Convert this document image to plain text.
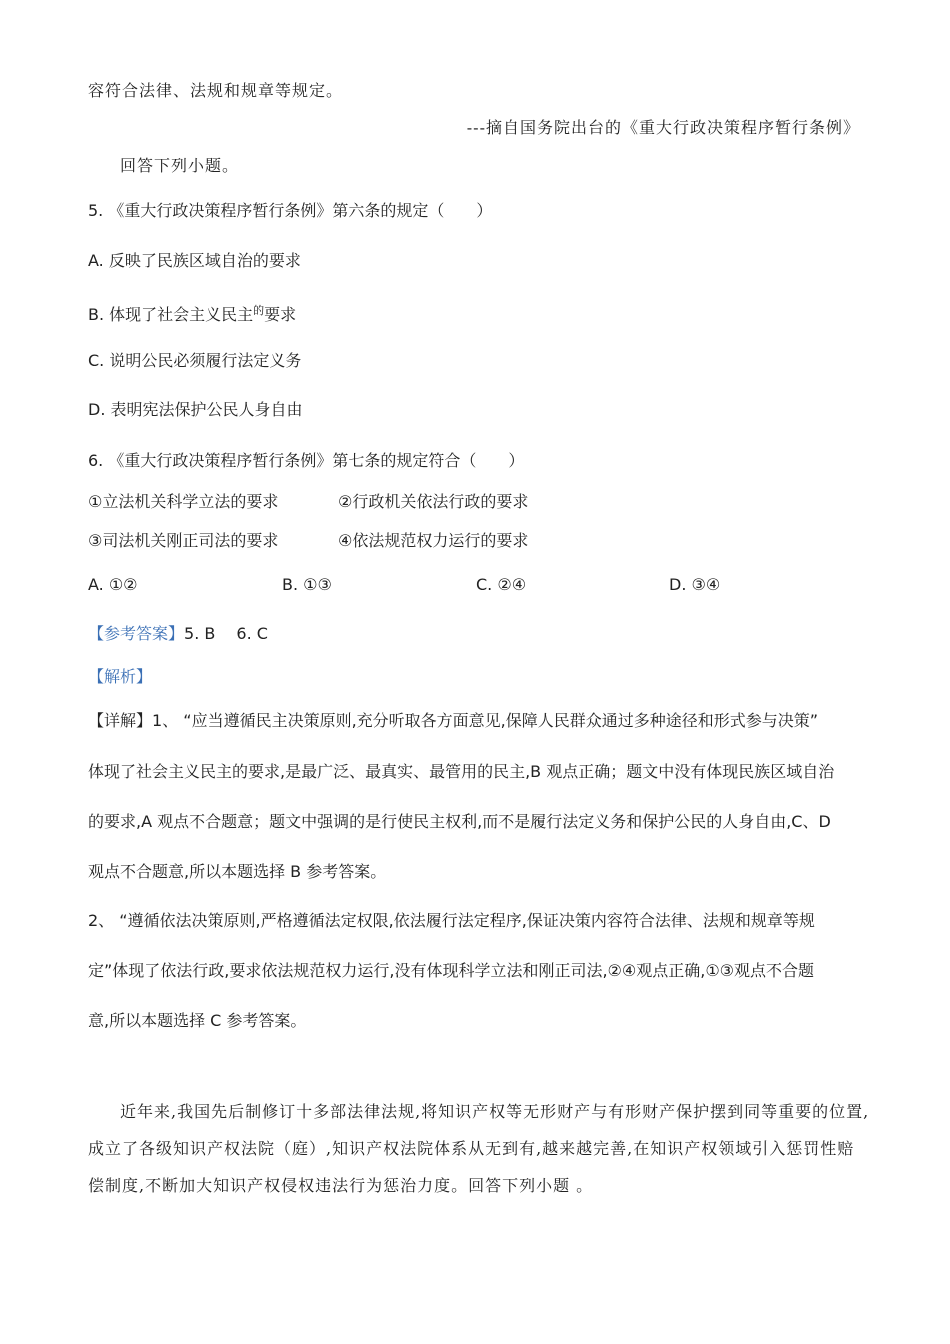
容符合法律、法规和规章等规定。
---摘自国务院出台的《重大行政决策程序暂行条例》
回答下列小题。
5. 《重大行政决策程序暂行条例》第六条的规定（　　）
A. 反映了民族区域自治的要求
B. 体现了社会主义民主$^的$要求
C. 说明公民必须履行法定义务
D. 表明宪法保护公民人身自由
6. 《重大行政决策程序暂行条例》第七条的规定符合（　　）
①立法机关科学立法的要求	②行政机关依法行政的要求
③司法机关刚正司法的要求	④依法规范权力运行的要求
A. ①②	B. ①③	C. ②④	D. ③④
【参考答案】5. B　 6. C
【解析】
【详解】1、 “应当遵循民主决策原则,充分听取各方面意见,保障人民群众通过多种途径和形式参与决策”
体现了社会主义民主的要求,是最广泛、最真实、最管用的民主,B 观点正确；题文中没有体现民族区域自治
的要求,A 观点不合题意；题文中强调的是行使民主权利,而不是履行法定义务和保护公民的人身自由,C、D
观点不合题意,所以本题选择 B 参考答案。
2、 “遵循依法决策原则,严格遵循法定权限,依法履行法定程序,保证决策内容符合法律、法规和规章等规
定”体现了依法行政,要求依法规范权力运行,没有体现科学立法和刚正司法,②④观点正确,①③观点不合题
意,所以本题选择 C 参考答案。
近年来,我国先后制修订十多部法律法规,将知识产权等无形财产与有形财产保护摆到同等重要的位置,
成立了各级知识产权法院（庭）,知识产权法院体系从无到有,越来越完善,在知识产权领域引入惩罚性赔
偿制度,不断加大知识产权侵权违法行为惩治力度。回答下列小题 。
